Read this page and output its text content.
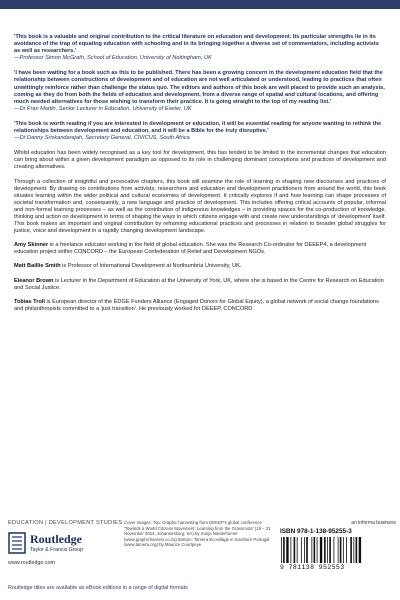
'This book is a valuable and original contribution to the critical literature on education and development. Its particular strengths lie in its avoidance of the trap of equating education with schooling and in its bringing together a diverse set of commentators, including activists as well as researchers.'
—Professor Simon McGrath, School of Education, University of Nottingham, UK
'I have been waiting for a book such as this to be published. There has been a growing concern in the development education field that the relationship between constructions of development and of education are not well articulated or understood, leading to practices that often unwittingly reinforce rather than challenge the status quo. The editors and authors of this book are well placed to provide such an analysis, coming as they do from both the fields of education and development, from a diverse range of spatial and cultural locations, and offering much needed alternatives for those wishing to transform their practice. It is going straight to the top of my reading list.'
—Dr Fran Martin, Senior Lecturer in Education, University of Exeter, UK
'This book is worth reading if you are interested in development or education, it will be essential reading for anyone wanting to rethink the relationships between development and education, and it will be a Bible for the truly disruptive.'
—Dr Danny Sriskandarajah, Secretary General, CIVICUS, South Africa
Whilst education has been widely recognised as a key tool for development, this has tended to be limited to the incremental changes that education can bring about within a given development paradigm as opposed to its role in challenging dominant conceptions and practices of development and creating alternatives.
Through a collection of insightful and provocative chapters, this book will examine the role of learning in shaping new discourses and practices of development. By drawing on contributions from activists, researchers and education and development practitioners from around the world, this book situates learning within the wider political and cultural economies of development. It critically explores if and how learning can shape processes of societal transformation and, consequently, a new language and practice of development. This includes offering critical accounts of popular, informal and non-formal learning processes – as well as the contribution of indigenous knowledges – in providing spaces for the co-production of knowledge, thinking and action on development in terms of shaping the ways in which citizens engage with and create new understandings of 'development' itself. This book makes an important and original contribution by reframing educational practices and processes in relation to broader global struggles for justice, voice and development in a rapidly changing development landscape.
Amy Skinner is a freelance educator working in the field of global education. She was the Research Co-ordinator for DEEEP4, a development education project within CONCORD – the European Confederation of Relief and Development NGOs.
Matt Baillie Smith is Professor of International Development at Northumbria University, UK.
Eleanor Brown is Lecturer in the Department of Education at the University of York, UK, where she is based in the Centre for Research on Education and Social Justice.
Tobias Troll is European director of the EDGE Funders Alliance (Engaged Donors for Global Equity), a global network of social change foundations and philanthropists committed to a 'just transition'. He previously worked for DEEEP, CONCORD.
EDUCATION | DEVELOPMENT STUDIES
Routledge
Taylor & Francis Group
www.routledge.com
Cover images: Top: Graphic harvesting from DEEEP's global conference 'Towards a World Citizens Movement: Learning from the Grassroots' (19 – 21 November 2014, Johannesburg, SA) by Sonja Niederhumer (www.graphicharvest.co.za) Bottom: Tamera Ecovillage in Southern Portugal (www.tamera.org) by Maurice Courtpeye
an informa business
ISBN 978-1-138-95255-3
9 781138 952553
Routledge titles are available as eBook editions in a range of digital formats
